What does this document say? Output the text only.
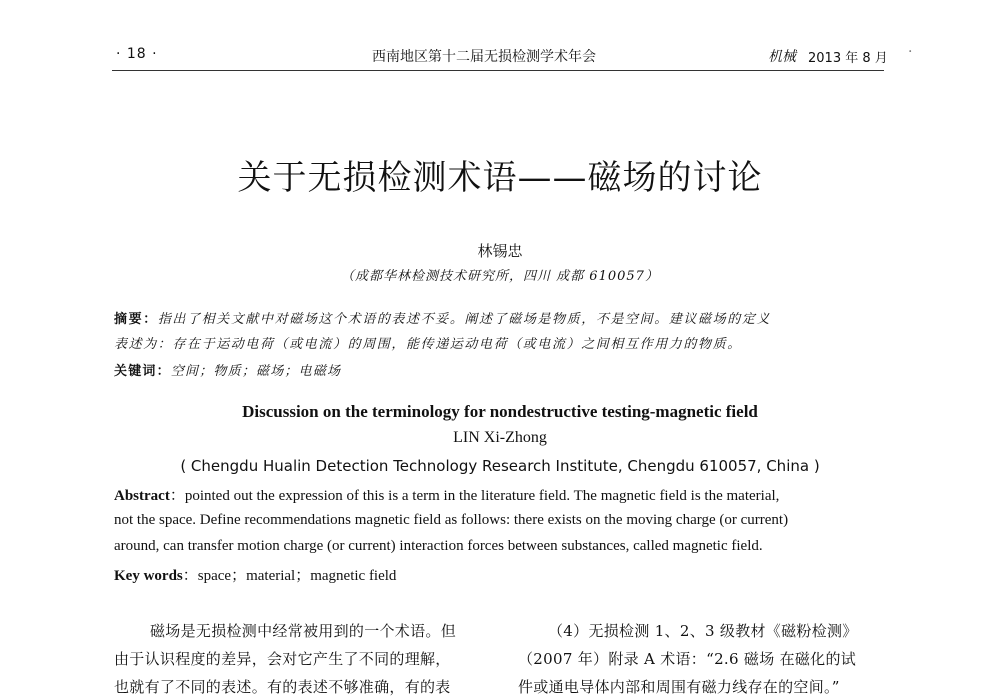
· 18 ·	西南地区第十二届无损检测学术年会	机械 2013 年 8 月 ·
关于无损检测术语——磁场的讨论
林锡忠
（成都华林检测技术研究所，四川 成都 610057）
摘要：指出了相关文献中对磁场这个术语的表述不妥。阐述了磁场是物质，不是空间。建议磁场的定义
表述为：存在于运动电荷（或电流）的周围，能传递运动电荷（或电流）之间相互作用力的物质。
关键词：空间；物质；磁场；电磁场
Discussion on the terminology for nondestructive testing-magnetic field
LIN Xi-Zhong
( Chengdu Hualin Detection Technology Research Institute, Chengdu 610057, China )
Abstract：pointed out the expression of this is a term in the literature field. The magnetic field is the material,
not the space. Define recommendations magnetic field as follows: there exists on the moving charge (or current)
around, can transfer motion charge (or current) interaction forces between substances, called magnetic field.
Key words：space；material；magnetic field
磁场是无损检测中经常被用到的一个术语。但
由于认识程度的差异，会对它产生了不同的理解，
也就有了不同的表述。有的表述不够准确，有的表
（4）无损检测 1、2、3 级教材《磁粉检测》
（2007 年）附录 A 术语：“2.6 磁场 在磁化的试
件或通电导体内部和周围有磁力线存在的空间。”
